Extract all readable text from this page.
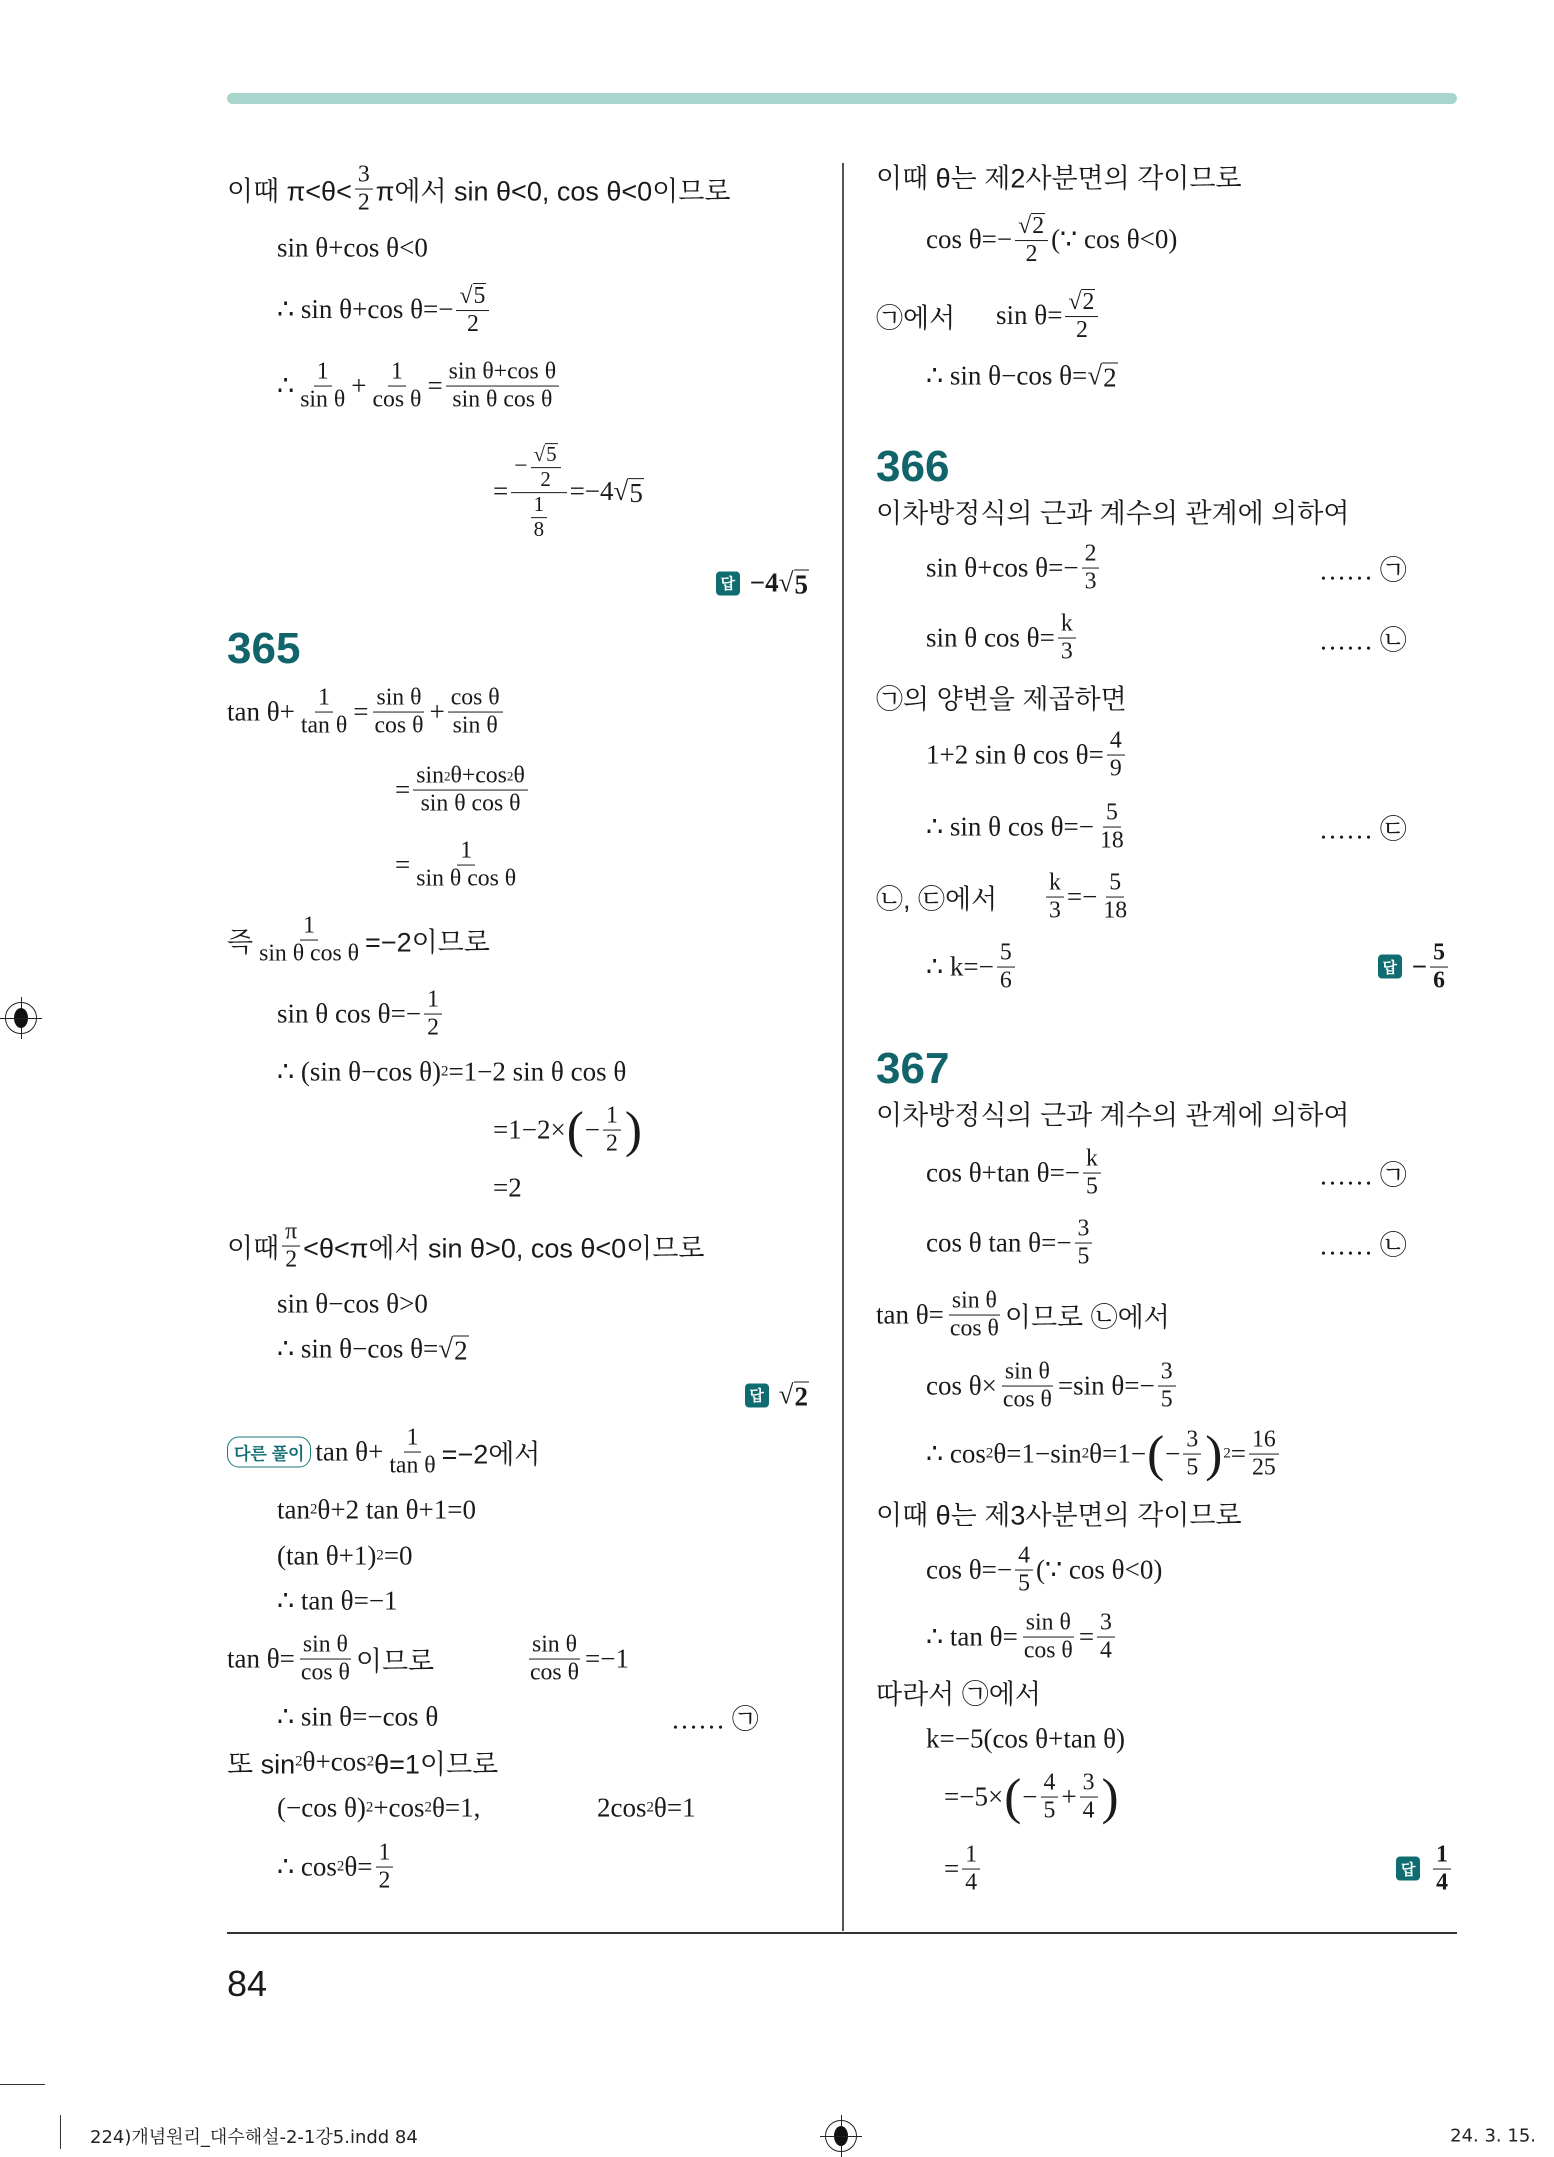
이때 $\pi<\theta< \frac{3}{2}$ π에서 sin θ<0, cos θ<0이므로
sin θ+cos θ<0
∴ sin θ+cos $\theta=- \frac{√ 5}{2}$
∴ $\frac{1}{\text{sin θ}} + \frac{1}{\text{cos θ}} = \frac{\text{sin θ+cos θ}}{\text{sin θ cos θ}}$
= $\frac{- \frac{√ 5}{2}}{\frac{1}{8}} =-4$ √ 5
답 −4 √ 5
365
$\tan \theta+ \frac{1}{\text{tan θ}} = \frac{\text{sin θ}}{\text{cos θ}} + \frac{\text{cos θ}}{\text{sin θ}}$
= $\frac{\sin 2 \theta+\cos 2 \theta}{\text{sin θ cos θ}}$
= $\frac{1}{\text{sin θ cos θ}}$
즉 $\frac{1}{\text{sin θ cos θ}} =-2$이므로
sin θ $\cos \theta=- \frac{1}{2}$
∴ (sin θ−cos θ) 2 =1−2 sin θ cos θ
=1−2× ( − $\frac{1}{2}$ )
=2
이때 $\frac{\pi}{2} <\theta<\pi$에서 sin θ>0, cos θ<0이므로
sin θ−cos θ>0
∴ sin θ−cos θ= √ 2
답 √ 2
다른 풀이 $\tan \theta+ \frac{1}{\text{tan θ}} =-2$에서
tan 2 θ+2 tan θ+1=0
(tan θ+1) 2 =0
∴ tan θ=−1
$\tan \theta= \frac{\text{sin θ}}{\text{cos θ}}$ 이므로	$\frac{\text{sin θ}}{\text{cos θ}} =-1$
∴ sin θ=−cos θ	…… ㉠
또 sin 2 θ+cos 2 θ=1이므로
(−cos θ) 2 +cos 2 θ=1,	2cos 2 θ=1
∴ cos 2 $\theta= \frac{1}{2}$
이때 θ는 제2사분면의 각이므로
$\cos \theta=- \frac{√ 2}{2}$ (∵ cos θ<0)
㉠에서 $\sin \theta= \frac{√ 2}{2}$
∴ sin θ−cos θ= √ 2
366
이차방정식의 근과 계수의 관계에 의하여
sin θ+cos $\theta=- \frac{2}{3}$	…… ㉠
sin θ $\cos \theta= \frac{k}{3}$	…… ㉡
㉠의 양변을 제곱하면
1+2 sin θ $\cos \theta= \frac{4}{9}$
∴ sin θ $\cos \theta=- \frac{5}{18}$	…… ㉢
㉡, ㉢에서 $\frac{k}{3} =- \frac{5}{18}$
∴ $k=- \frac{5}{6}$	답 − $\frac{5}{6}$
367
이차방정식의 근과 계수의 관계에 의하여
cos θ+tan $\theta=- \frac{k}{5}$	…… ㉠
cos θ $\tan \theta=- \frac{3}{5}$	…… ㉡
$\tan \theta= \frac{\text{sin θ}}{\text{cos θ}}$ 이므로 ㉡에서
$\cos \theta\times \frac{\text{sin θ}}{\text{cos θ}} =\sin$ $\theta=- \frac{3}{5}$
∴ cos 2 θ=1−sin 2 θ=1− ( − $\frac{3}{5}$ ) $2 = \frac{16}{25}$
이때 θ는 제3사분면의 각이므로
$\cos \theta=- \frac{4}{5}$ (∵ cos θ<0)
∴ $\tan \theta= \frac{\text{sin θ}}{\text{cos θ}} = \frac{3}{4}$
따라서 ㉠에서
k=−5(cos θ+tan θ)
=−5× ( − $\frac{4}{5} + \frac{3}{4}$ )
= $\frac{1}{4}$	답 $\frac{1}{4}$
84
224)개념원리_대수해설-2-1강5.indd 84	24. 3. 15.
